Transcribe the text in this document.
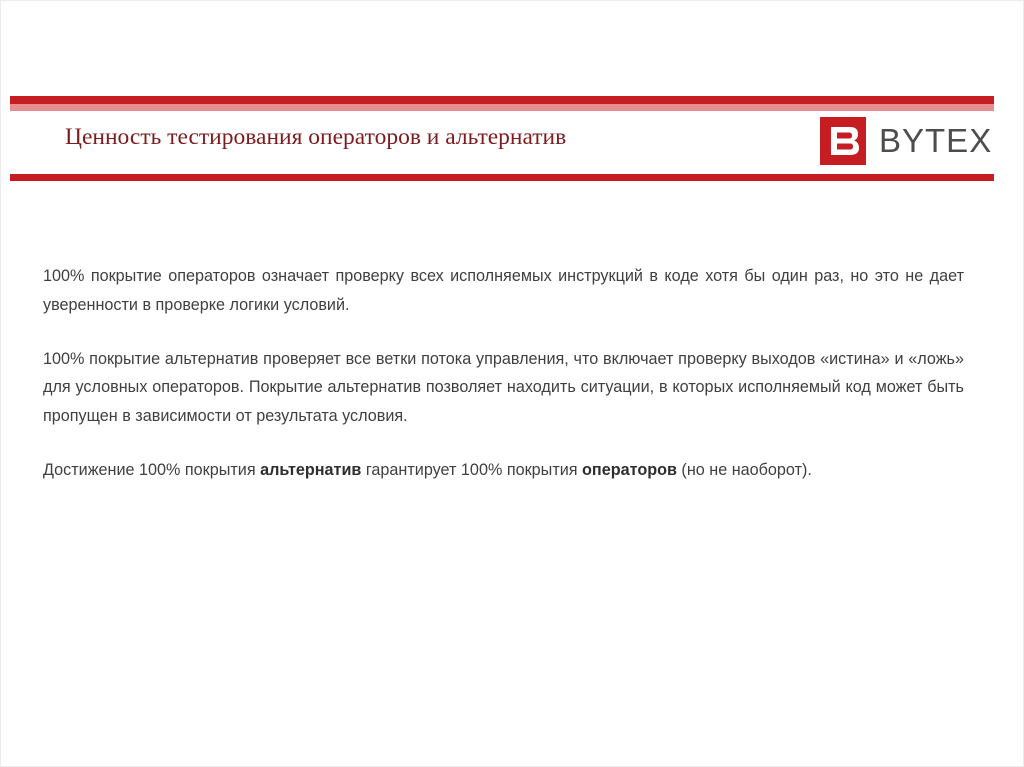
Ценность тестирования операторов и альтернатив	BYTEX

100% покрытие операторов означает проверку всех исполняемых инструкций в коде хотя бы один раз, но это не дает уверенности в проверке логики условий.

100% покрытие альтернатив проверяет все ветки потока управления, что включает проверку выходов «истина» и «ложь» для условных операторов. Покрытие альтернатив позволяет находить ситуации, в которых исполняемый код может быть пропущен в зависимости от результата условия.

Достижение 100% покрытия альтернатив гарантирует 100% покрытия операторов (но не наоборот).
